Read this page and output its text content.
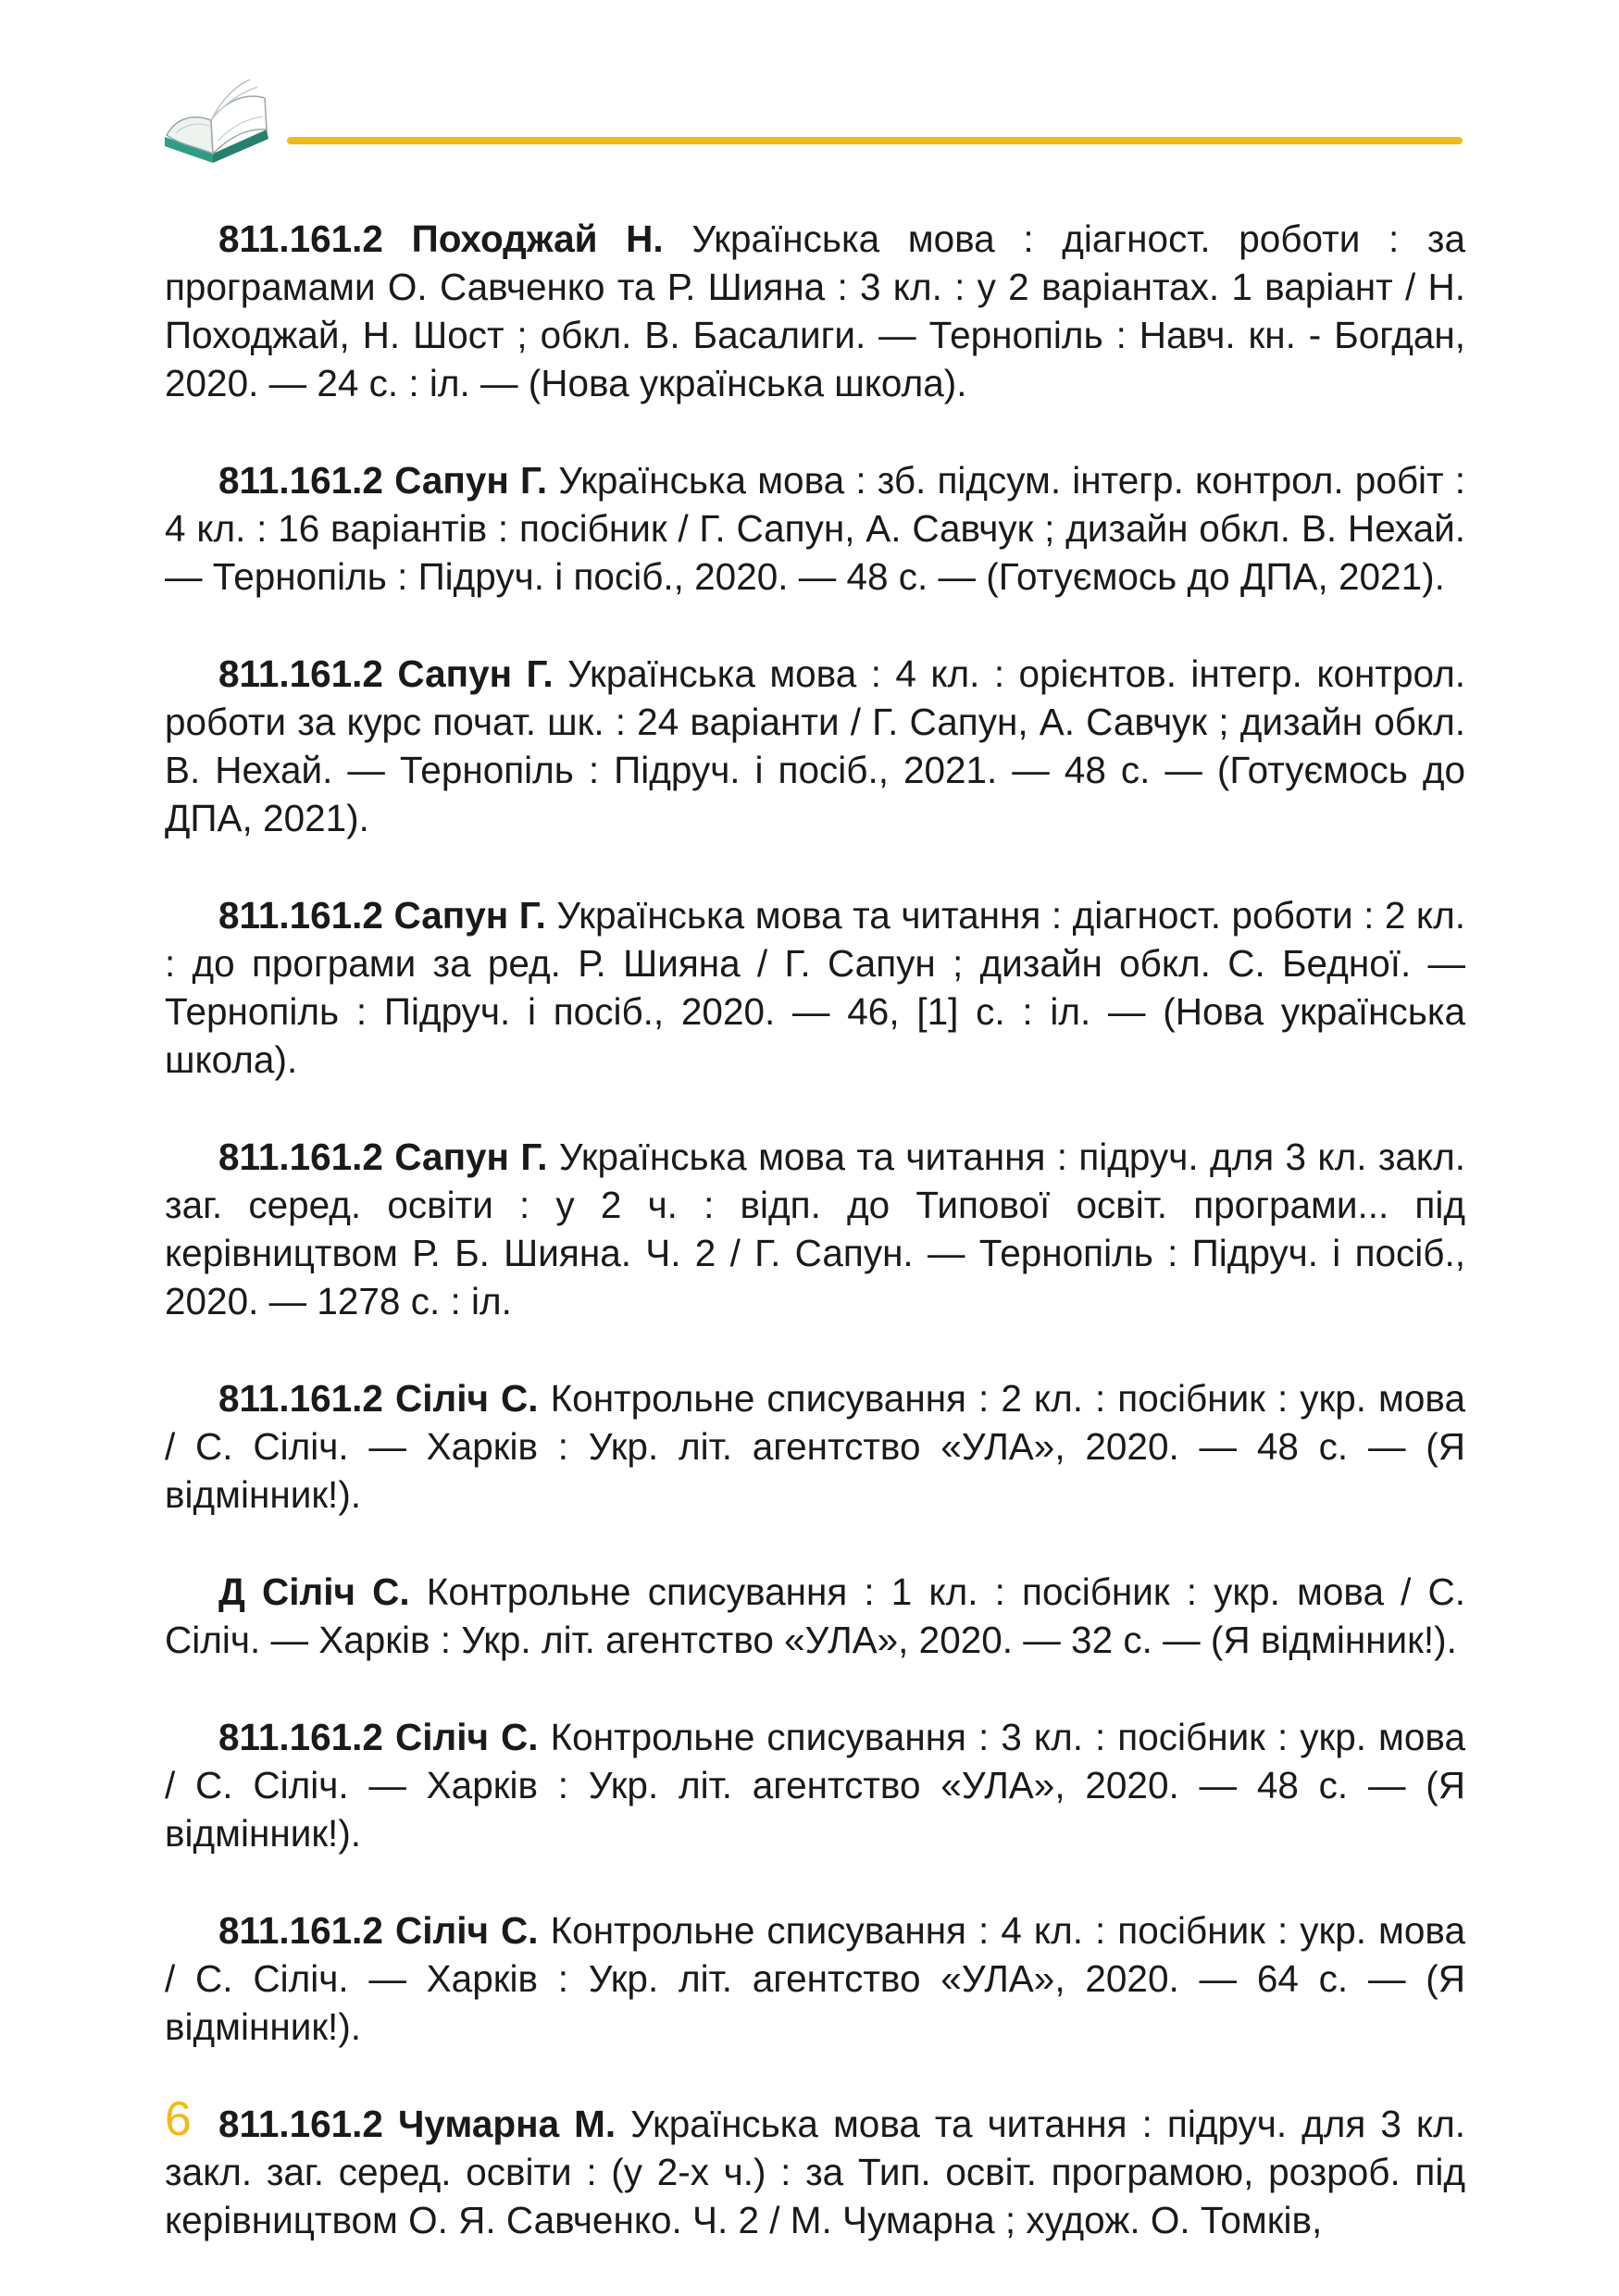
811.161.2 Походжай Н. Українська мова : діагност. роботи : за програмами О. Савченко та Р. Шияна : 3 кл. : у 2 варіантах. 1 варіант / Н. Походжай, Н. Шост ; обкл. В. Басалиги. — Тернопіль : Навч. кн. - Богдан, 2020. — 24 с. : іл. — (Нова українська школа).
811.161.2 Сапун Г. Українська мова : зб. підсум. інтегр. контрол. робіт : 4 кл. : 16 варіантів : посібник / Г. Сапун, А. Савчук ; дизайн обкл. В. Нехай. — Тернопіль : Підруч. і посіб., 2020. — 48 с. — (Готуємось до ДПА, 2021).
811.161.2 Сапун Г. Українська мова : 4 кл. : орієнтов. інтегр. контрол. роботи за курс почат. шк. : 24 варіанти / Г. Сапун, А. Савчук ; дизайн обкл. В. Нехай. — Тернопіль : Підруч. і посіб., 2021. — 48 с. — (Готуємось до ДПА, 2021).
811.161.2 Сапун Г. Українська мова та читання : діагност. роботи : 2 кл. : до програми за ред. Р. Шияна / Г. Сапун ; дизайн обкл. С. Бедної. — Тернопіль : Підруч. і посіб., 2020. — 46, [1] с. : іл. — (Нова українська школа).
811.161.2 Сапун Г. Українська мова та читання : підруч. для 3 кл. закл. заг. серед. освіти : у 2 ч. : відп. до Типової освіт. програми... під керівництвом Р. Б. Шияна. Ч. 2 / Г. Сапун. — Тернопіль : Підруч. і посіб., 2020. — 1278 с. : іл.
811.161.2 Сіліч С. Контрольне списування : 2 кл. : посібник : укр. мова / С. Сіліч. — Харків : Укр. літ. агентство «УЛА», 2020. — 48 с. — (Я відмінник!).
Д Сіліч С. Контрольне списування : 1 кл. : посібник : укр. мова / С. Сіліч. — Харків : Укр. літ. агентство «УЛА», 2020. — 32 с. — (Я відмінник!).
811.161.2 Сіліч С. Контрольне списування : 3 кл. : посібник : укр. мова / С. Сіліч. — Харків : Укр. літ. агентство «УЛА», 2020. — 48 с. — (Я відмінник!).
811.161.2 Сіліч С. Контрольне списування : 4 кл. : посібник : укр. мова / С. Сіліч. — Харків : Укр. літ. агентство «УЛА», 2020. — 64 с. — (Я відмінник!).
811.161.2 Чумарна М. Українська мова та читання : підруч. для 3 кл. закл. заг. серед. освіти : (у 2-х ч.) : за Тип. освіт. програмою, розроб. під керівництвом О. Я. Савченко. Ч. 2 / М. Чумарна ; худож. О. Томків,
6
